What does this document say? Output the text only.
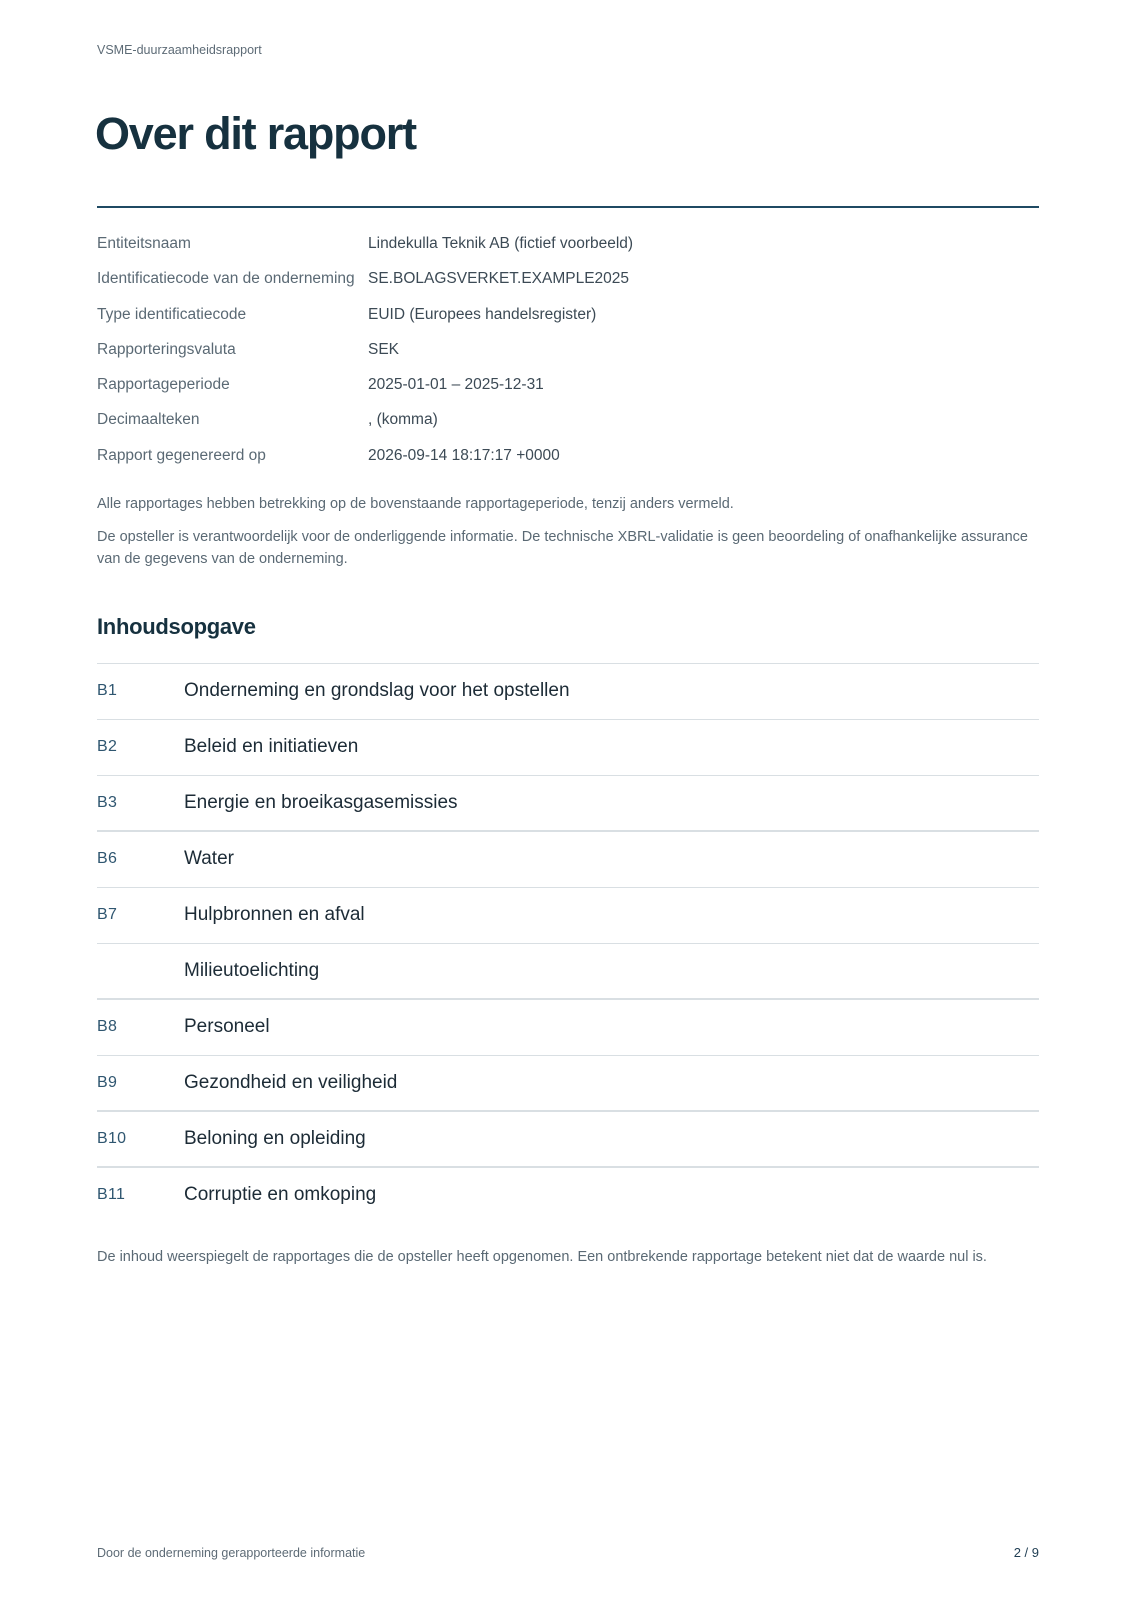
VSME-duurzaamheidsrapport
Over dit rapport
Entiteitsnaam	Lindekulla Teknik AB (fictief voorbeeld)
Identificatiecode van de onderneming SE.BOLAGSVERKET.EXAMPLE2025
Type identificatiecode	EUID (Europees handelsregister)
Rapporteringsvaluta	SEK
Rapportageperiode	2025-01-01 – 2025-12-31
Decimaalteken	, (komma)
Rapport gegenereerd op	2026-09-14 18:17:17 +0000

Alle rapportages hebben betrekking op de bovenstaande rapportageperiode, tenzij anders vermeld.

De opsteller is verantwoordelijk voor de onderliggende informatie. De technische XBRL-validatie is geen beoordeling of onafhankelijke assurance van de gegevens van de onderneming.

Inhoudsopgave
B1	Onderneming en grondslag voor het opstellen
B2	Beleid en initiatieven
B3	Energie en broeikasgasemissies
B6	Water
B7	Hulpbronnen en afval
Milieutoelichting
B8	Personeel
B9	Gezondheid en veiligheid
B10	Beloning en opleiding
B11	Corruptie en omkoping

De inhoud weerspiegelt de rapportages die de opsteller heeft opgenomen. Een ontbrekende rapportage betekent niet dat de waarde nul is.

Door de onderneming gerapporteerde informatie	2 / 9
